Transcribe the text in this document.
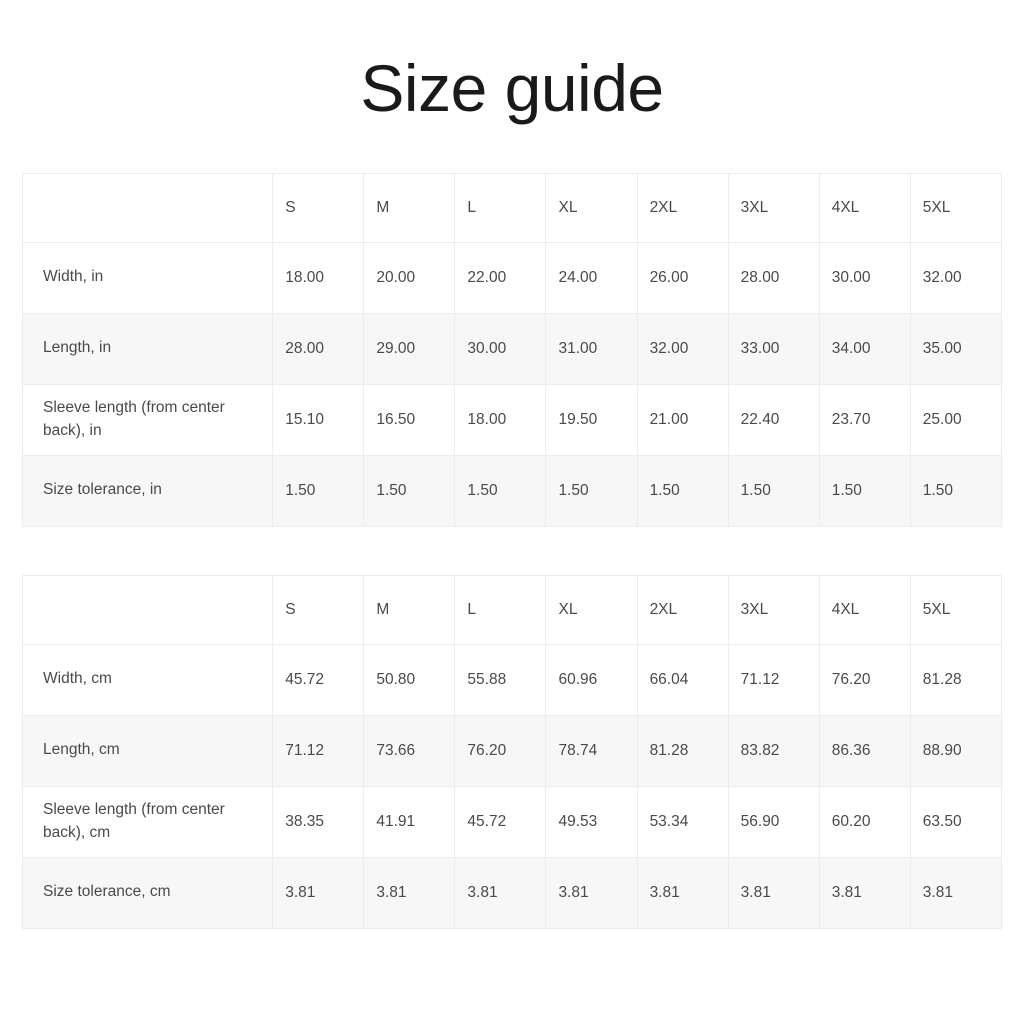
Size guide
	S	M	L	XL	2XL	3XL	4XL	5XL

Width, in	18.00	20.00	22.00	24.00	26.00	28.00	30.00	32.00

Length, in	28.00	29.00	30.00	31.00	32.00	33.00	34.00	35.00

Sleeve length (from center back), in	15.10	16.50	18.00	19.50	21.00	22.40	23.70	25.00

Size tolerance, in	1.50	1.50	1.50	1.50	1.50	1.50	1.50	1.50
	S	M	L	XL	2XL	3XL	4XL	5XL

Width, cm	45.72	50.80	55.88	60.96	66.04	71.12	76.20	81.28

Length, cm	71.12	73.66	76.20	78.74	81.28	83.82	86.36	88.90

Sleeve length (from center back), cm	38.35	41.91	45.72	49.53	53.34	56.90	60.20	63.50

Size tolerance, cm	3.81	3.81	3.81	3.81	3.81	3.81	3.81	3.81
